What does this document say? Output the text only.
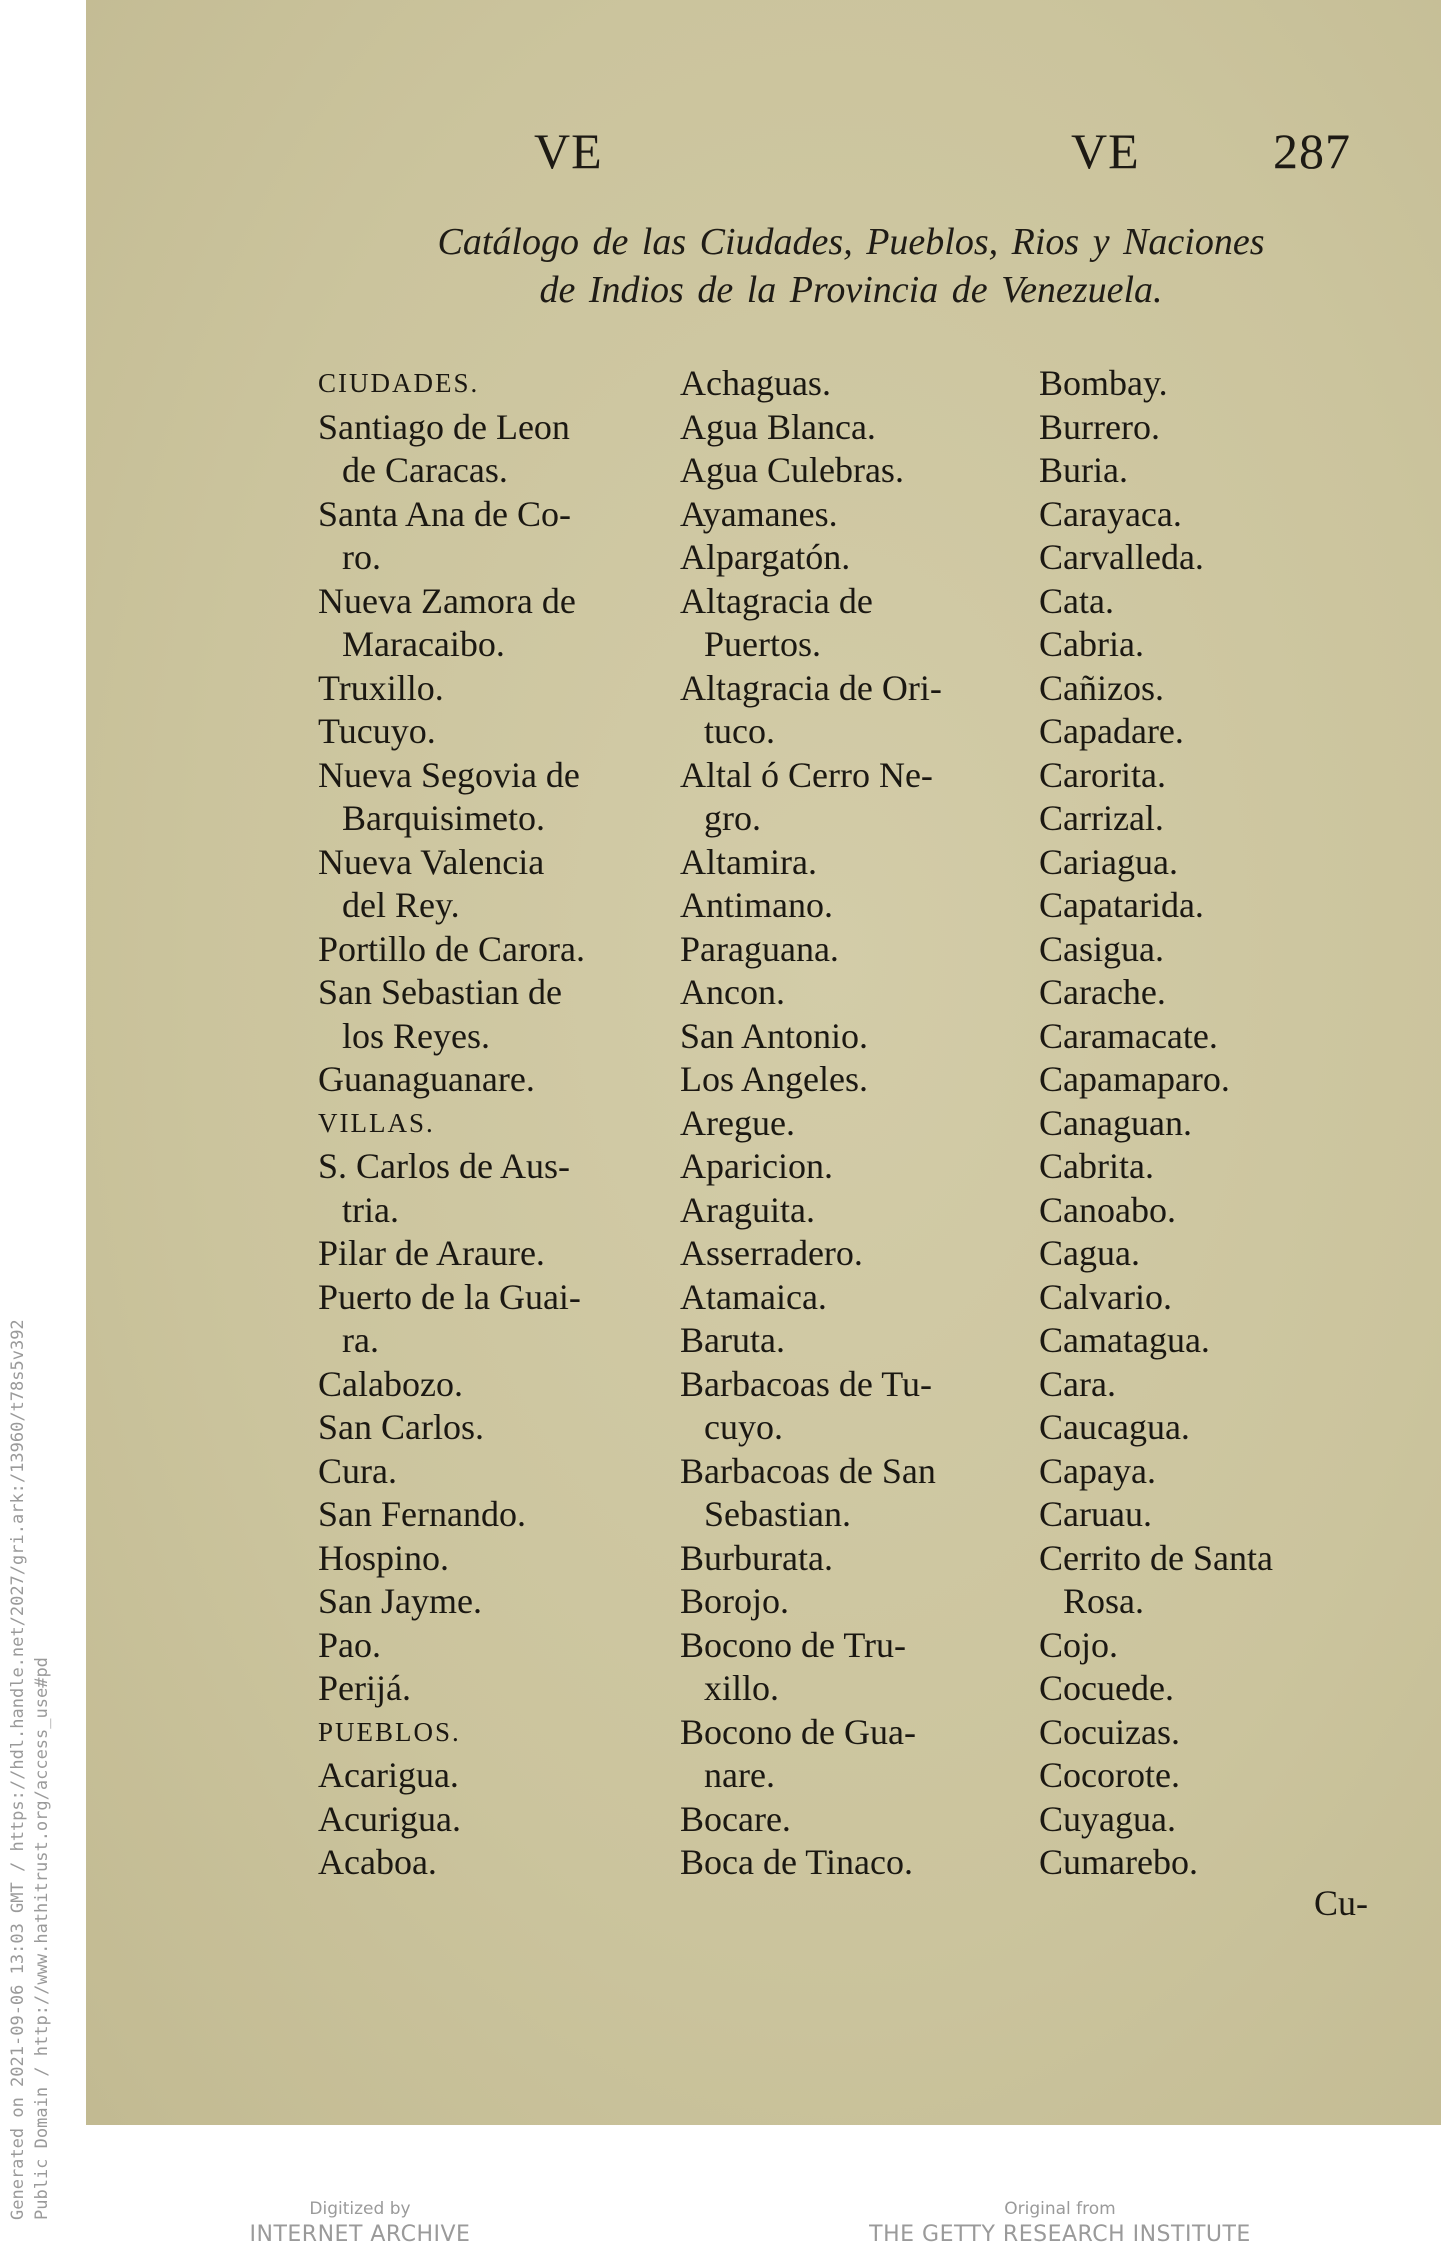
VE	VE	287
Catálogo de las Ciudades, Pueblos, Rios y Naciones
de Indios de la Provincia de Venezuela.
CIUDADES.
Santiago de Leon
de Caracas.
Santa Ana de Co-
ro.
Nueva Zamora de
Maracaibo.
Truxillo.
Tucuyo.
Nueva Segovia de
Barquisimeto.
Nueva Valencia
del Rey.
Portillo de Carora.
San Sebastian de
los Reyes.
Guanaguanare.
VILLAS.
S. Carlos de Aus-
tria.
Pilar de Araure.
Puerto de la Guai-
ra.
Calabozo.
San Carlos.
Cura.
San Fernando.
Hospino.
San Jayme.
Pao.
Perijá.
PUEBLOS.
Acarigua.
Acurigua.
Acaboa.
Achaguas.
Agua Blanca.
Agua Culebras.
Ayamanes.
Alpargatón.
Altagracia de
Puertos.
Altagracia de Ori-
tuco.
Altal ó Cerro Ne-
gro.
Altamira.
Antimano.
Paraguana.
Ancon.
San Antonio.
Los Angeles.
Aregue.
Aparicion.
Araguita.
Asserradero.
Atamaica.
Baruta.
Barbacoas de Tu-
cuyo.
Barbacoas de San
Sebastian.
Burburata.
Borojo.
Bocono de Tru-
xillo.
Bocono de Gua-
nare.
Bocare.
Boca de Tinaco.
Bombay.
Burrero.
Buria.
Carayaca.
Carvalleda.
Cata.
Cabria.
Cañizos.
Capadare.
Carorita.
Carrizal.
Cariagua.
Capatarida.
Casigua.
Carache.
Caramacate.
Capamaparo.
Canaguan.
Cabrita.
Canoabo.
Cagua.
Calvario.
Camatagua.
Cara.
Caucagua.
Capaya.
Caruau.
Cerrito de Santa
Rosa.
Cojo.
Cocuede.
Cocuizas.
Cocorote.
Cuyagua.
Cumarebo.
Cu-
Generated on 2021-09-06 13:03 GMT / https://hdl.handle.net/2027/gri.ark:/13960/t78s5v392 Public Domain / http://www.hathitrust.org/access_use#pd	Digitized by
INTERNET ARCHIVE
Original from
THE GETTY RESEARCH INSTITUTE
